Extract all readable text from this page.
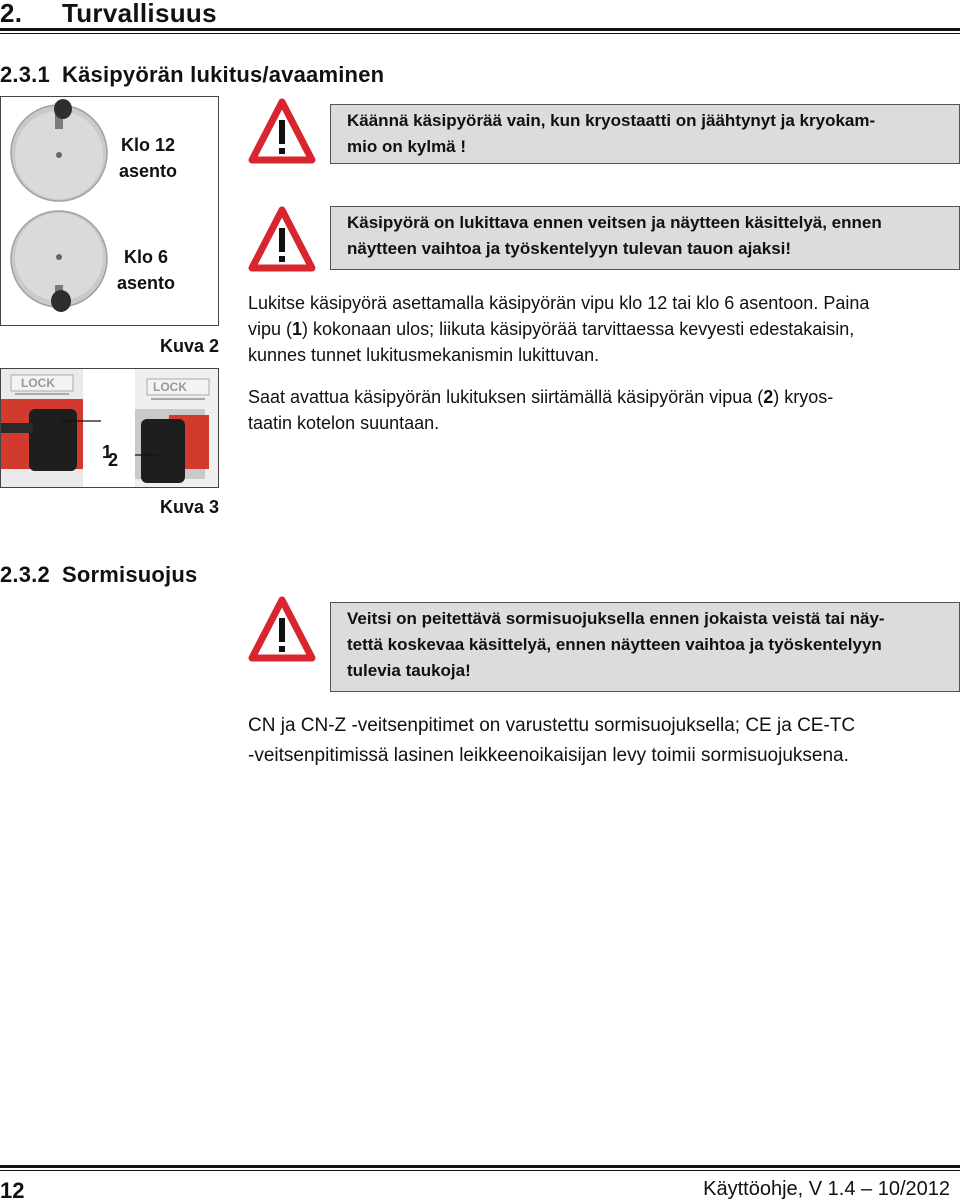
2. Turvallisuus
2.3.1 Käsipyörän lukitus/avaaminen
Klo 12
asento
Klo 6
asento
Kuva 2
LOCK	LOCK
1
2
Kuva 3
Käännä käsipyörää vain, kun kryostaatti on jäähtynyt ja kryokam-
mio on kylmä !
Käsipyörä on lukittava ennen veitsen ja näytteen käsittelyä, ennen
näytteen vaihtoa ja työskentelyyn tulevan tauon ajaksi!
Lukitse käsipyörä asettamalla käsipyörän vipu klo 12 tai klo 6 asentoon. Paina
vipu (1) kokonaan ulos; liikuta käsipyörää tarvittaessa kevyesti edestakaisin,
kunnes tunnet lukitusmekanismin lukittuvan.
Saat avattua käsipyörän lukituksen siirtämällä käsipyörän vipua (2) kryos-
taatin kotelon suuntaan.
2.3.2 Sormisuojus
Veitsi on peitettävä sormisuojuksella ennen jokaista veistä tai näy-
tettä koskevaa käsittelyä, ennen näytteen vaihtoa ja työskentelyyn
tulevia taukoja!
CN ja CN-Z -veitsenpitimet on varustettu sormisuojuksella; CE ja CE-TC
-veitsenpitimissä lasinen leikkeenoikaisijan levy toimii sormisuojuksena.
12	Käyttöohje, V 1.4 – 10/2012
